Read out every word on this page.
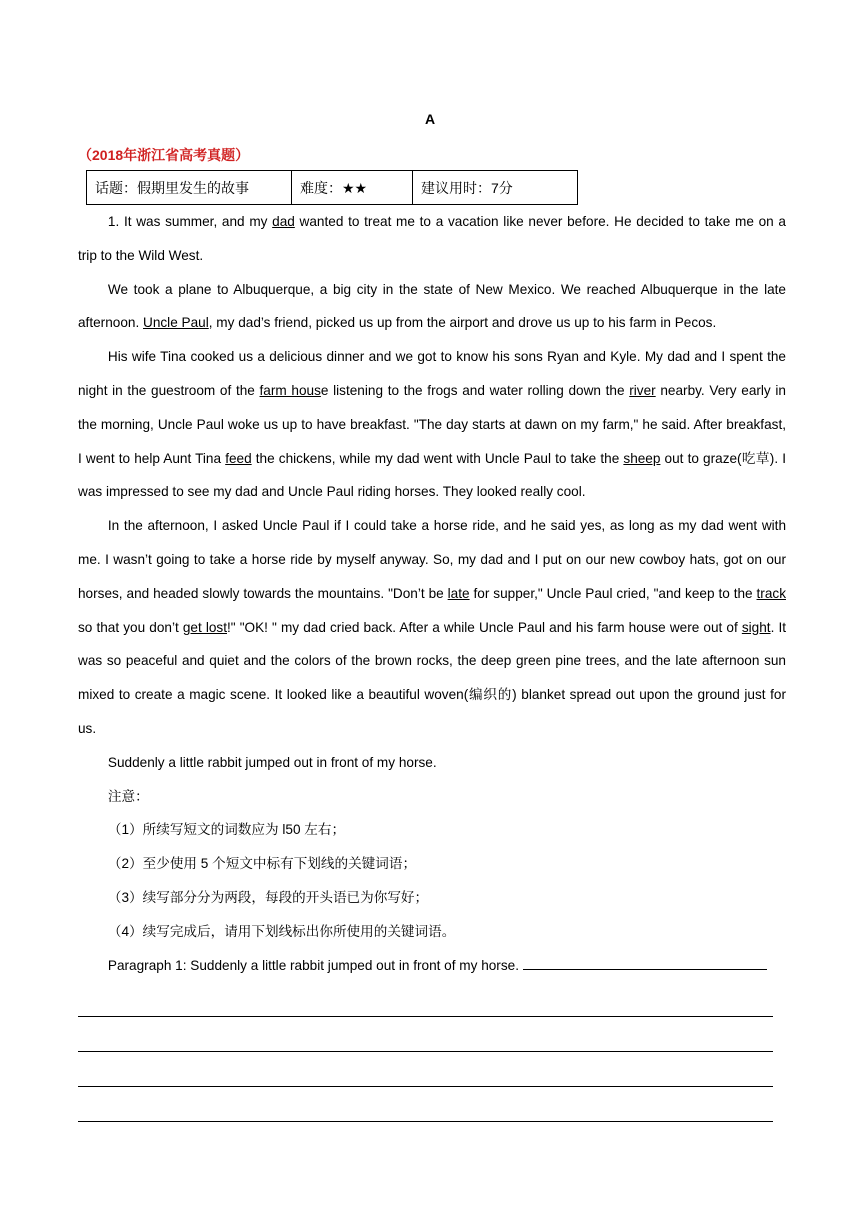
A
（2018年浙江省高考真题）
话题：假期里发生的故事	难度：★★	建议用时：7分

1. It was summer, and my dad wanted to treat me to a vacation like never before. He decided to take me on a trip to the Wild West.

We took a plane to Albuquerque, a big city in the state of New Mexico. We reached Albuquerque in the late afternoon. Uncle Paul, my dad’s friend, picked us up from the airport and drove us up to his farm in Pecos.

His wife Tina cooked us a delicious dinner and we got to know his sons Ryan and Kyle. My dad and I spent the night in the guestroom of the farm house listening to the frogs and water rolling down the river nearby. Very early in the morning, Uncle Paul woke us up to have breakfast. "The day starts at dawn on my farm," he said. After breakfast, I went to help Aunt Tina feed the chickens, while my dad went with Uncle Paul to take the sheep out to graze(吃草). I was impressed to see my dad and Uncle Paul riding horses. They looked really cool.

In the afternoon, I asked Uncle Paul if I could take a horse ride, and he said yes, as long as my dad went with me. I wasn’t going to take a horse ride by myself anyway. So, my dad and I put on our new cowboy hats, got on our horses, and headed slowly towards the mountains. "Don’t be late for supper," Uncle Paul cried, "and keep to the track so that you don’t get lost!" "OK! " my dad cried back. After a while Uncle Paul and his farm house were out of sight. It was so peaceful and quiet and the colors of the brown rocks, the deep green pine trees, and the late afternoon sun mixed to create a magic scene. It looked like a beautiful woven(编织的) blanket spread out upon the ground just for us.

Suddenly a little rabbit jumped out in front of my horse.

注意：

（1）所续写短文的词数应为 l50 左右；

（2）至少使用 5 个短文中标有下划线的关键词语；

（3）续写部分分为两段，每段的开头语已为你写好；

（4）续写完成后，请用下划线标出你所使用的关键词语。

Paragraph 1: Suddenly a little rabbit jumped out in front of my horse.
